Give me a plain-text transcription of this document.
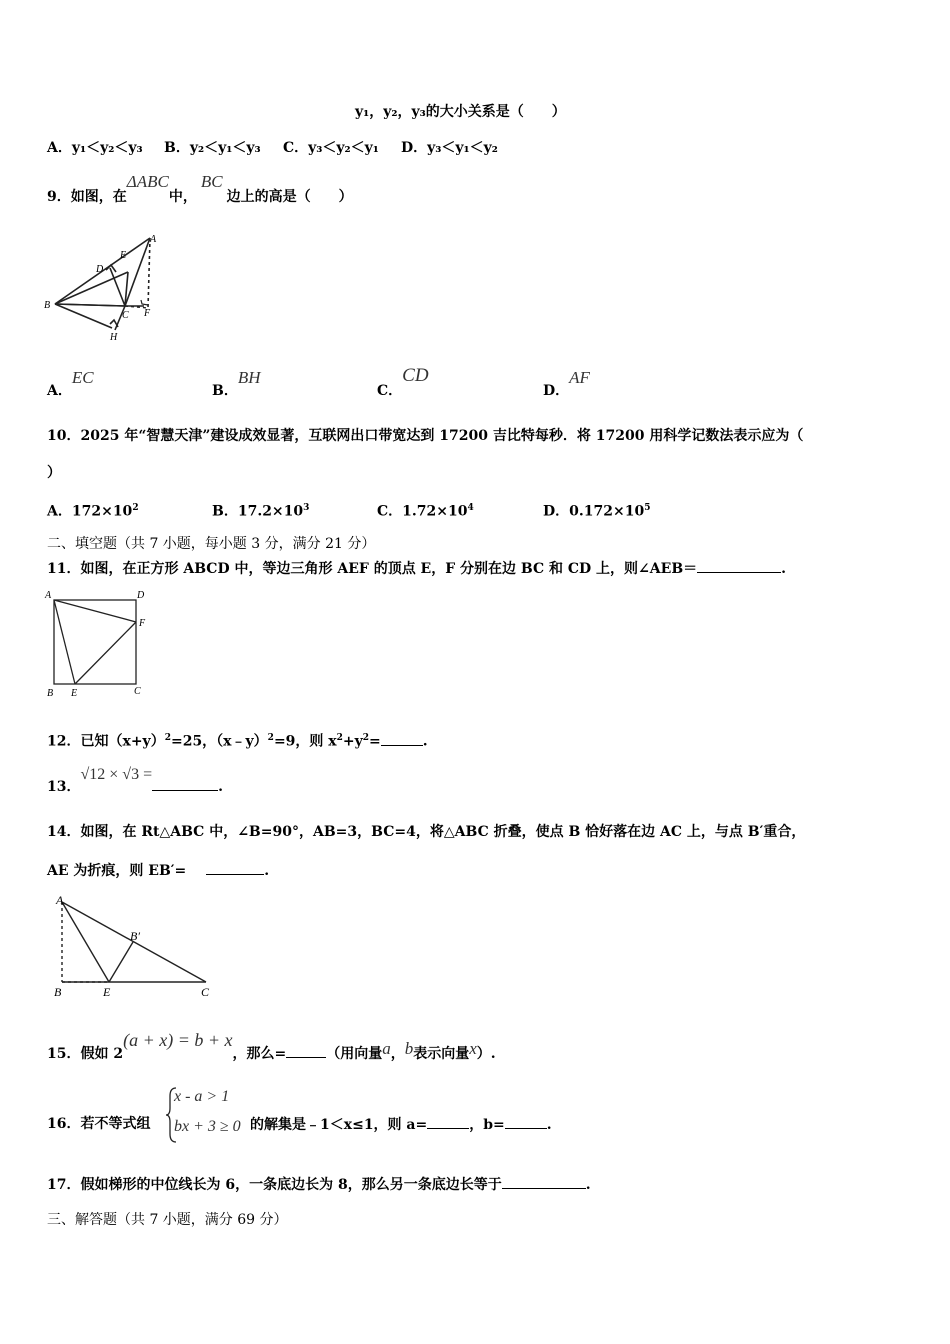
y₁，y₂，y₃的大小关系是（　　）
A．y₁＜y₂＜y₃ B．y₂＜y₁＜y₃ C．y₃＜y₂＜y₁ D．y₃＜y₁＜y₂
9．如图，在ΔABC中，BC边上的高是（　　）
A
B
C
D
E
F
H
A．EC
B．BH
C．CD
D．AF
10．2025 年“智慧天津”建设成效显著，互联网出口带宽达到 17200 吉比特每秒．将 17200 用科学记数法表示应为（
）
A．$172\times 10^2$	B．$17.2\times 10^3$	C．$1.72\times 10^4$	D．$0.172\times 10^5$
二、填空题（共 7 小题，每小题 3 分，满分 21 分）
11．如图，在正方形 ABCD 中，等边三角形 AEF 的顶点 E，F 分别在边 BC 和 CD 上，则∠AEB＝	.
A	D
F
B E	C
12．已知$(x+y)^2=25$，（x﹣y）$^2$=9，则 $x^2+y^2=$	.
13．√12 × √3 =.
14．如图，在 Rt△ABC 中，∠B=90°，AB=3，BC=4，将△ABC 折叠，使点 B 恰好落在边 AC 上，与点 B′重合，
AE 为折痕，则 EB′=　	.
A
B
B′
E	C
15．假如 2(a + x) = b + x，那么=	（用向量a，b表示向量x）.
16．若不等式组
x - a > 1
bx + 3 ≥ 0 的解集是﹣1＜x≤1，则 a=	，b=	.
17．假如梯形的中位线长为 6，一条底边长为 8，那么另一条底边长等于	.
三、解答题（共 7 小题，满分 69 分）
